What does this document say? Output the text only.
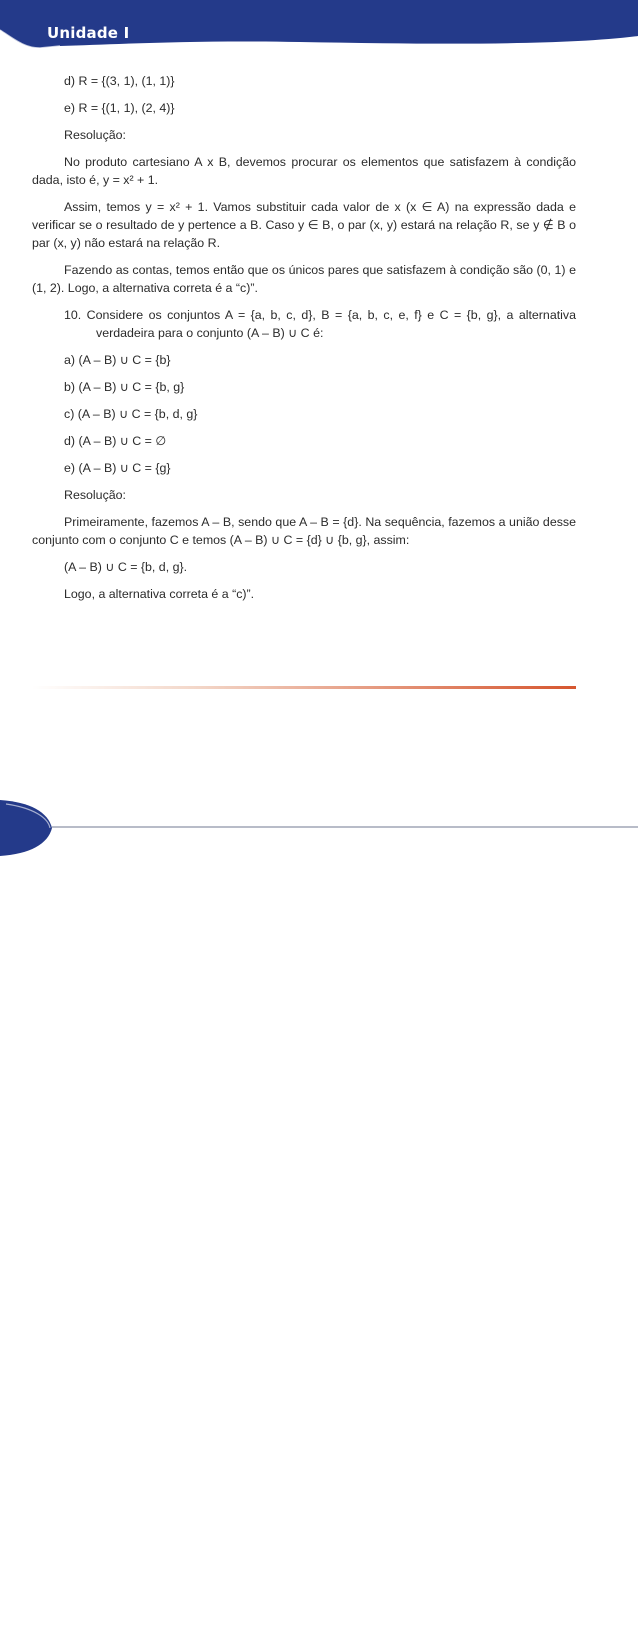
Unidade I

d) R = {(3, 1), (1, 1)}

e) R = {(1, 1), (2, 4)}

Resolução:

No produto cartesiano A x B, devemos procurar os elementos que satisfazem à condição dada, isto é, y = x² + 1.

Assim, temos y = x² + 1. Vamos substituir cada valor de x (x ∈ A) na expressão dada e verificar se o resultado de y pertence a B. Caso y ∈ B, o par (x, y) estará na relação R, se y ∉ B o par (x, y) não estará na relação R.

Fazendo as contas, temos então que os únicos pares que satisfazem à condição são (0, 1) e (1, 2). Logo, a alternativa correta é a “c)”.

10. Considere os conjuntos A = {a, b, c, d}, B = {a, b, c, e, f} e C = {b, g}, a alternativa verdadeira para o conjunto (A – B) ∪ C é:

a) (A – B) ∪ C = {b}

b) (A – B) ∪ C = {b, g}

c) (A – B) ∪ C = {b, d, g}

d) (A – B) ∪ C = ∅

e) (A – B) ∪ C = {g}

Resolução:

Primeiramente, fazemos A – B, sendo que A – B = {d}. Na sequência, fazemos a união desse conjunto com o conjunto C e temos (A – B) ∪ C = {d} ∪ {b, g}, assim:

(A – B) ∪ C = {b, d, g}.

Logo, a alternativa correta é a “c)”.

26
